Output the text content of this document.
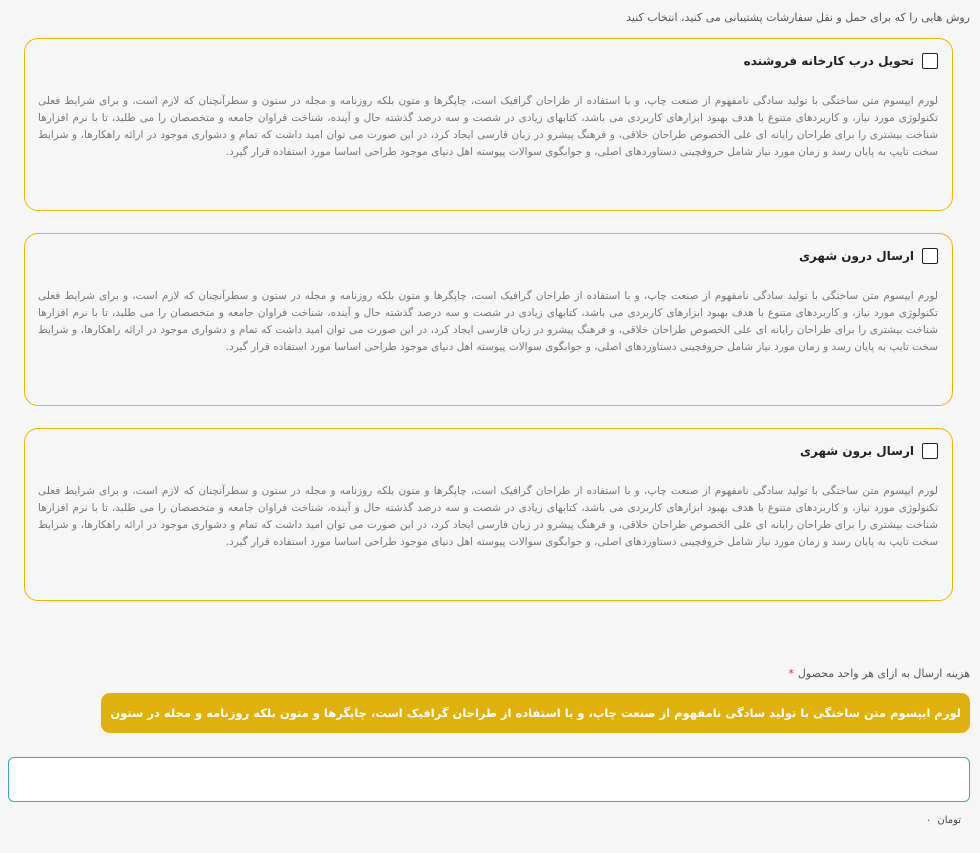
روش هایی را که برای حمل و نقل سفارشات پشتیبانی می کنید، انتخاب کنید
تحویل درب کارخانه فروشنده
لورم ایپسوم متن ساختگی با تولید سادگی نامفهوم از صنعت چاپ، و با استفاده از طراحان گرافیک است، چاپگرها و متون بلکه روزنامه و مجله در ستون و سطرآنچنان که لازم است، و برای شرایط فعلی تکنولوژی مورد نیاز، و کاربردهای متنوع با هدف بهبود ابزارهای کاربردی می باشد، کتابهای زیادی در شصت و سه درصد گذشته حال و آینده، شناخت فراوان جامعه و متخصصان را می طلبد، تا با نرم افزارها شناخت بیشتری را برای طراحان رایانه ای علی الخصوص طراحان خلاقی، و فرهنگ پیشرو در زبان فارسی ایجاد کرد، در این صورت می توان امید داشت که تمام و دشواری موجود در ارائه راهکارها، و شرایط سخت تایپ به پایان رسد و زمان مورد نیاز شامل حروفچینی دستاوردهای اصلی، و جوابگوی سوالات پیوسته اهل دنیای موجود طراحی اساسا مورد استفاده قرار گیرد.
ارسال درون شهری
لورم ایپسوم متن ساختگی با تولید سادگی نامفهوم از صنعت چاپ، و با استفاده از طراحان گرافیک است، چاپگرها و متون بلکه روزنامه و مجله در ستون و سطرآنچنان که لازم است، و برای شرایط فعلی تکنولوژی مورد نیاز، و کاربردهای متنوع با هدف بهبود ابزارهای کاربردی می باشد، کتابهای زیادی در شصت و سه درصد گذشته حال و آینده، شناخت فراوان جامعه و متخصصان را می طلبد، تا با نرم افزارها شناخت بیشتری را برای طراحان رایانه ای علی الخصوص طراحان خلاقی، و فرهنگ پیشرو در زبان فارسی ایجاد کرد، در این صورت می توان امید داشت که تمام و دشواری موجود در ارائه راهکارها، و شرایط سخت تایپ به پایان رسد و زمان مورد نیاز شامل حروفچینی دستاوردهای اصلی، و جوابگوی سوالات پیوسته اهل دنیای موجود طراحی اساسا مورد استفاده قرار گیرد.
ارسال برون شهری
لورم ایپسوم متن ساختگی با تولید سادگی نامفهوم از صنعت چاپ، و با استفاده از طراحان گرافیک است، چاپگرها و متون بلکه روزنامه و مجله در ستون و سطرآنچنان که لازم است، و برای شرایط فعلی تکنولوژی مورد نیاز، و کاربردهای متنوع با هدف بهبود ابزارهای کاربردی می باشد، کتابهای زیادی در شصت و سه درصد گذشته حال و آینده، شناخت فراوان جامعه و متخصصان را می طلبد، تا با نرم افزارها شناخت بیشتری را برای طراحان رایانه ای علی الخصوص طراحان خلاقی، و فرهنگ پیشرو در زبان فارسی ایجاد کرد، در این صورت می توان امید داشت که تمام و دشواری موجود در ارائه راهکارها، و شرایط سخت تایپ به پایان رسد و زمان مورد نیاز شامل حروفچینی دستاوردهای اصلی، و جوابگوی سوالات پیوسته اهل دنیای موجود طراحی اساسا مورد استفاده قرار گیرد.
هزینه ارسال به ازای هر واحد محصول*
لورم ایپسوم متن ساختگی با تولید سادگی نامفهوم از صنعت چاپ، و با استفاده از طراحان گرافیک است، چاپگرها و متون بلکه روزنامه و مجله در ستون
۰ تومان
